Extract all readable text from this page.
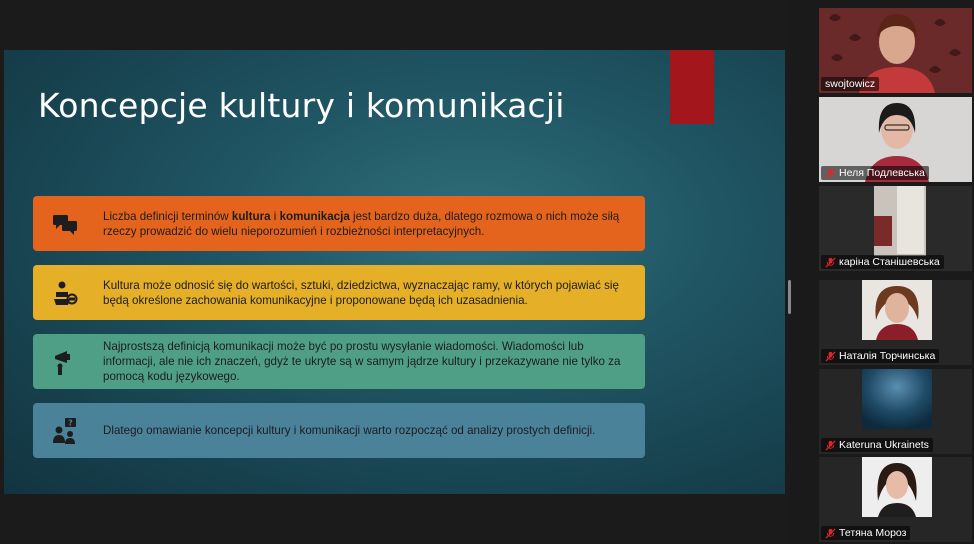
Koncepcje kultury i komunikacji
Liczba definicji terminów kultura i komunikacja jest bardzo duża, dlatego rozmowa o nich może siłą rzeczy prowadzić do wielu nieporozumień i rozbieżności interpretacyjnych.
Kultura może odnosić się do wartości, sztuki, dziedzictwa, wyznaczając ramy, w których pojawiać się będą określone zachowania komunikacyjne i proponowane będą ich uzasadnienia.
Najprostszą definicją komunikacji może być po prostu wysyłanie wiadomości. Wiadomości lub informacji, ale nie ich znaczeń, gdyż te ukryte są w samym jądrze kultury i przekazywane nie tylko za pomocą kodu językowego.
?
Dlatego omawianie koncepcji kultury i komunikacji warto rozpocząć od analizy prostych definicji.
swojtowicz
Неля Подлевська
каріна Станішевська
Наталія Торчинська
Kateruna Ukrainets
Тетяна Мороз
